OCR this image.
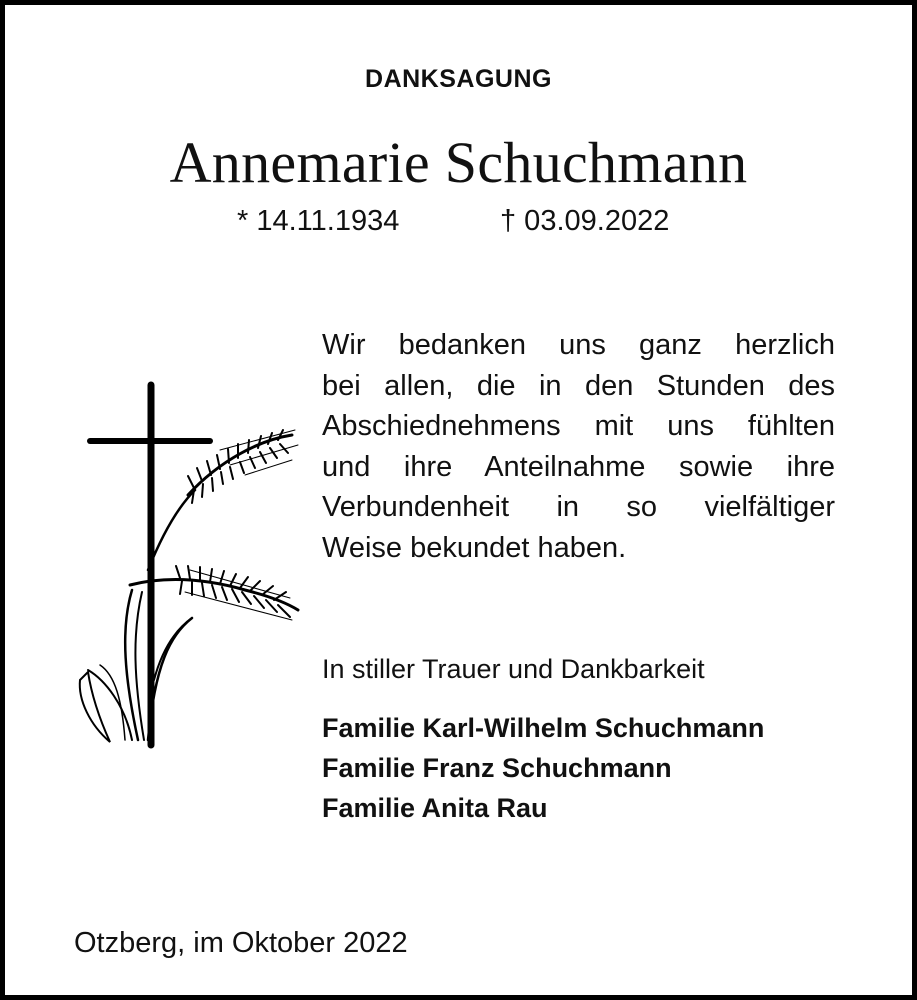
DANKSAGUNG
Annemarie Schuchmann
* 14.11.1934	† 03.09.2022
Wir bedanken uns ganz herzlich
bei allen, die in den Stunden des
Abschiednehmens mit uns fühlten
und ihre Anteilnahme sowie ihre
Verbundenheit in so vielfältiger
Weise bekundet haben.
In stiller Trauer und Dankbarkeit
Familie Karl-Wilhelm Schuchmann
Familie Franz Schuchmann
Familie Anita Rau
Otzberg, im Oktober 2022
